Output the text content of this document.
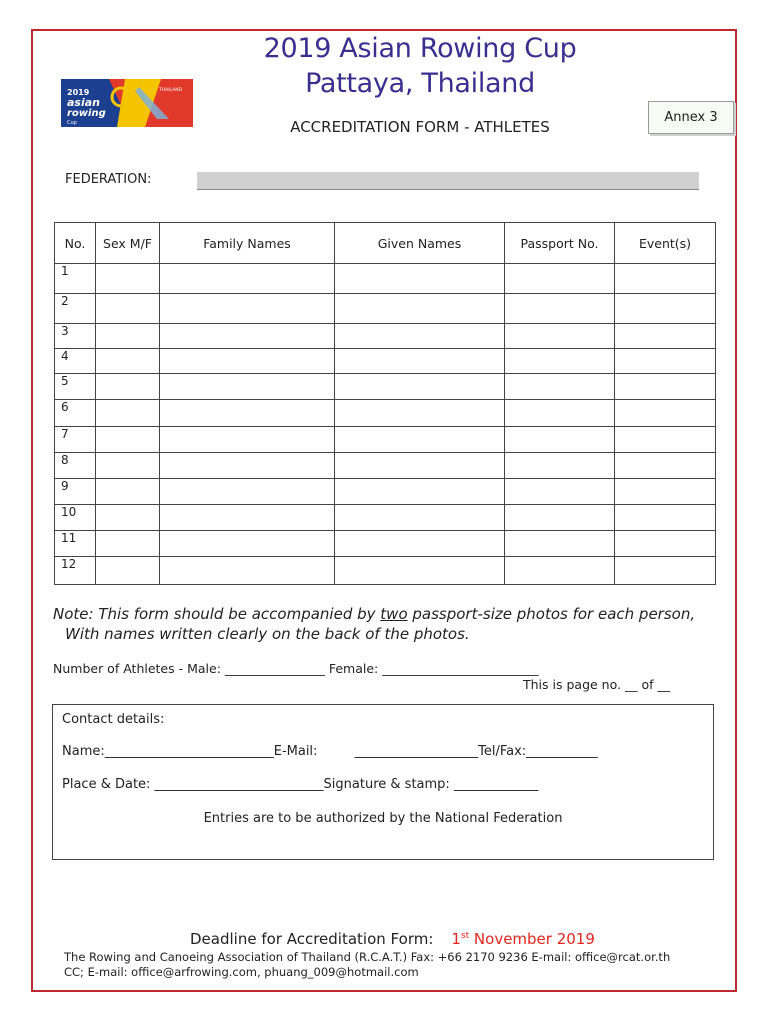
2019 Asian Rowing Cup
Pattaya, Thailand
2019
asian
rowing
Cup
THAILAND
Annex 3
ACCREDITATION FORM - ATHLETES
FEDERATION:
No.	Sex M/F	Family Names	Given Names	Passport No.	Event(s)
1					
2					
3					
4					
5					
6					
7					
8					
9					
10					
11					
12					
Note: This form should be accompanied by two passport-size photos for each person,
With names written clearly on the back of the photos.
Number of Athletes - Male: ________________ Female: _________________________
This is page no. __ of __
Contact details:
Name:__________________________E-Mail:         ___________________Tel/Fax:___________
Place & Date: __________________________Signature & stamp: _____________
Entries are to be authorized by the National Federation
Deadline for Accreditation Form: 1st November 2019
The Rowing and Canoeing Association of Thailand (R.C.A.T.) Fax: +66 2170 9236 E-mail: office@rcat.or.th
CC; E-mail: office@arfrowing.com, phuang_009@hotmail.com
